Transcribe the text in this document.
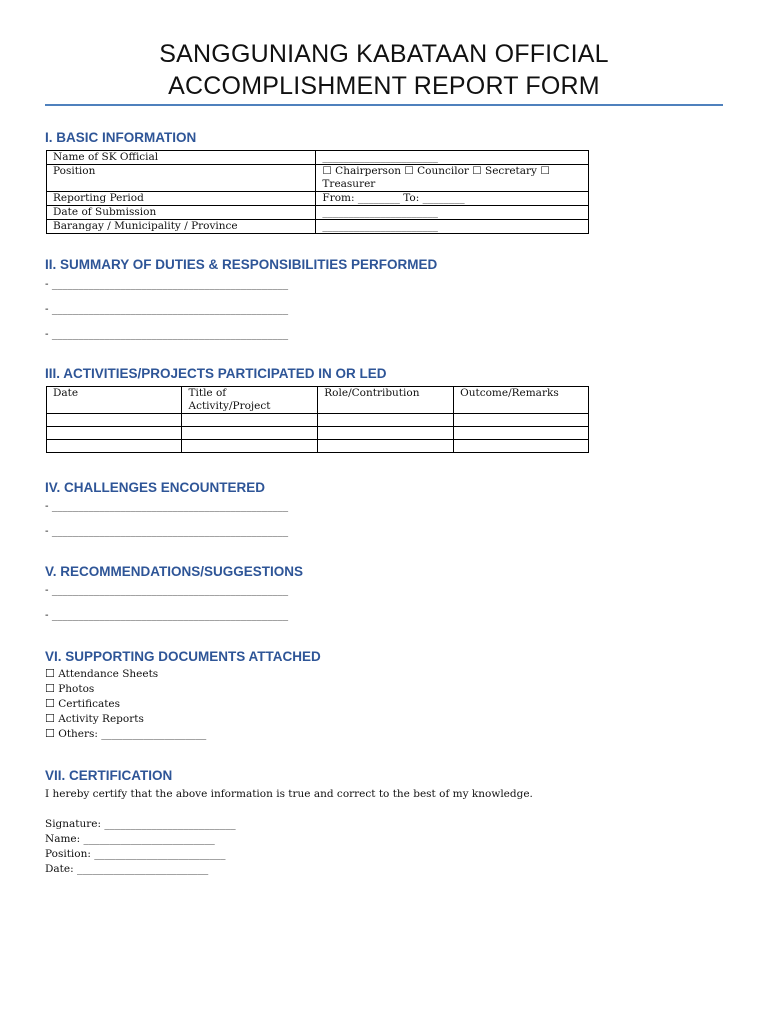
SANGGUNIANG KABATAAN OFFICIAL
ACCOMPLISHMENT REPORT FORM
I. BASIC INFORMATION
Name of SK Official	______________________
Position	☐ Chairperson ☐ Councilor ☐ Secretary ☐
Treasurer

Reporting Period	From: ________ To: ________
Date of Submission	______________________
Barangay / Municipality / Province	______________________
II. SUMMARY OF DUTIES & RESPONSIBILITIES PERFORMED
- _____________________________________________
- _____________________________________________
- _____________________________________________
III. ACTIVITIES/PROJECTS PARTICIPATED IN OR LED
Date	Title of Activity/Project	Role/Contribution	Outcome/Remarks

IV. CHALLENGES ENCOUNTERED
- _____________________________________________
- _____________________________________________
V. RECOMMENDATIONS/SUGGESTIONS
- _____________________________________________
- _____________________________________________
VI. SUPPORTING DOCUMENTS ATTACHED
☐ Attendance Sheets
☐ Photos
☐ Certificates
☐ Activity Reports
☐ Others: ____________________
VII. CERTIFICATION
I hereby certify that the above information is true and correct to the best of my knowledge.
Signature: _________________________
Name: _________________________
Position: _________________________
Date: _________________________
